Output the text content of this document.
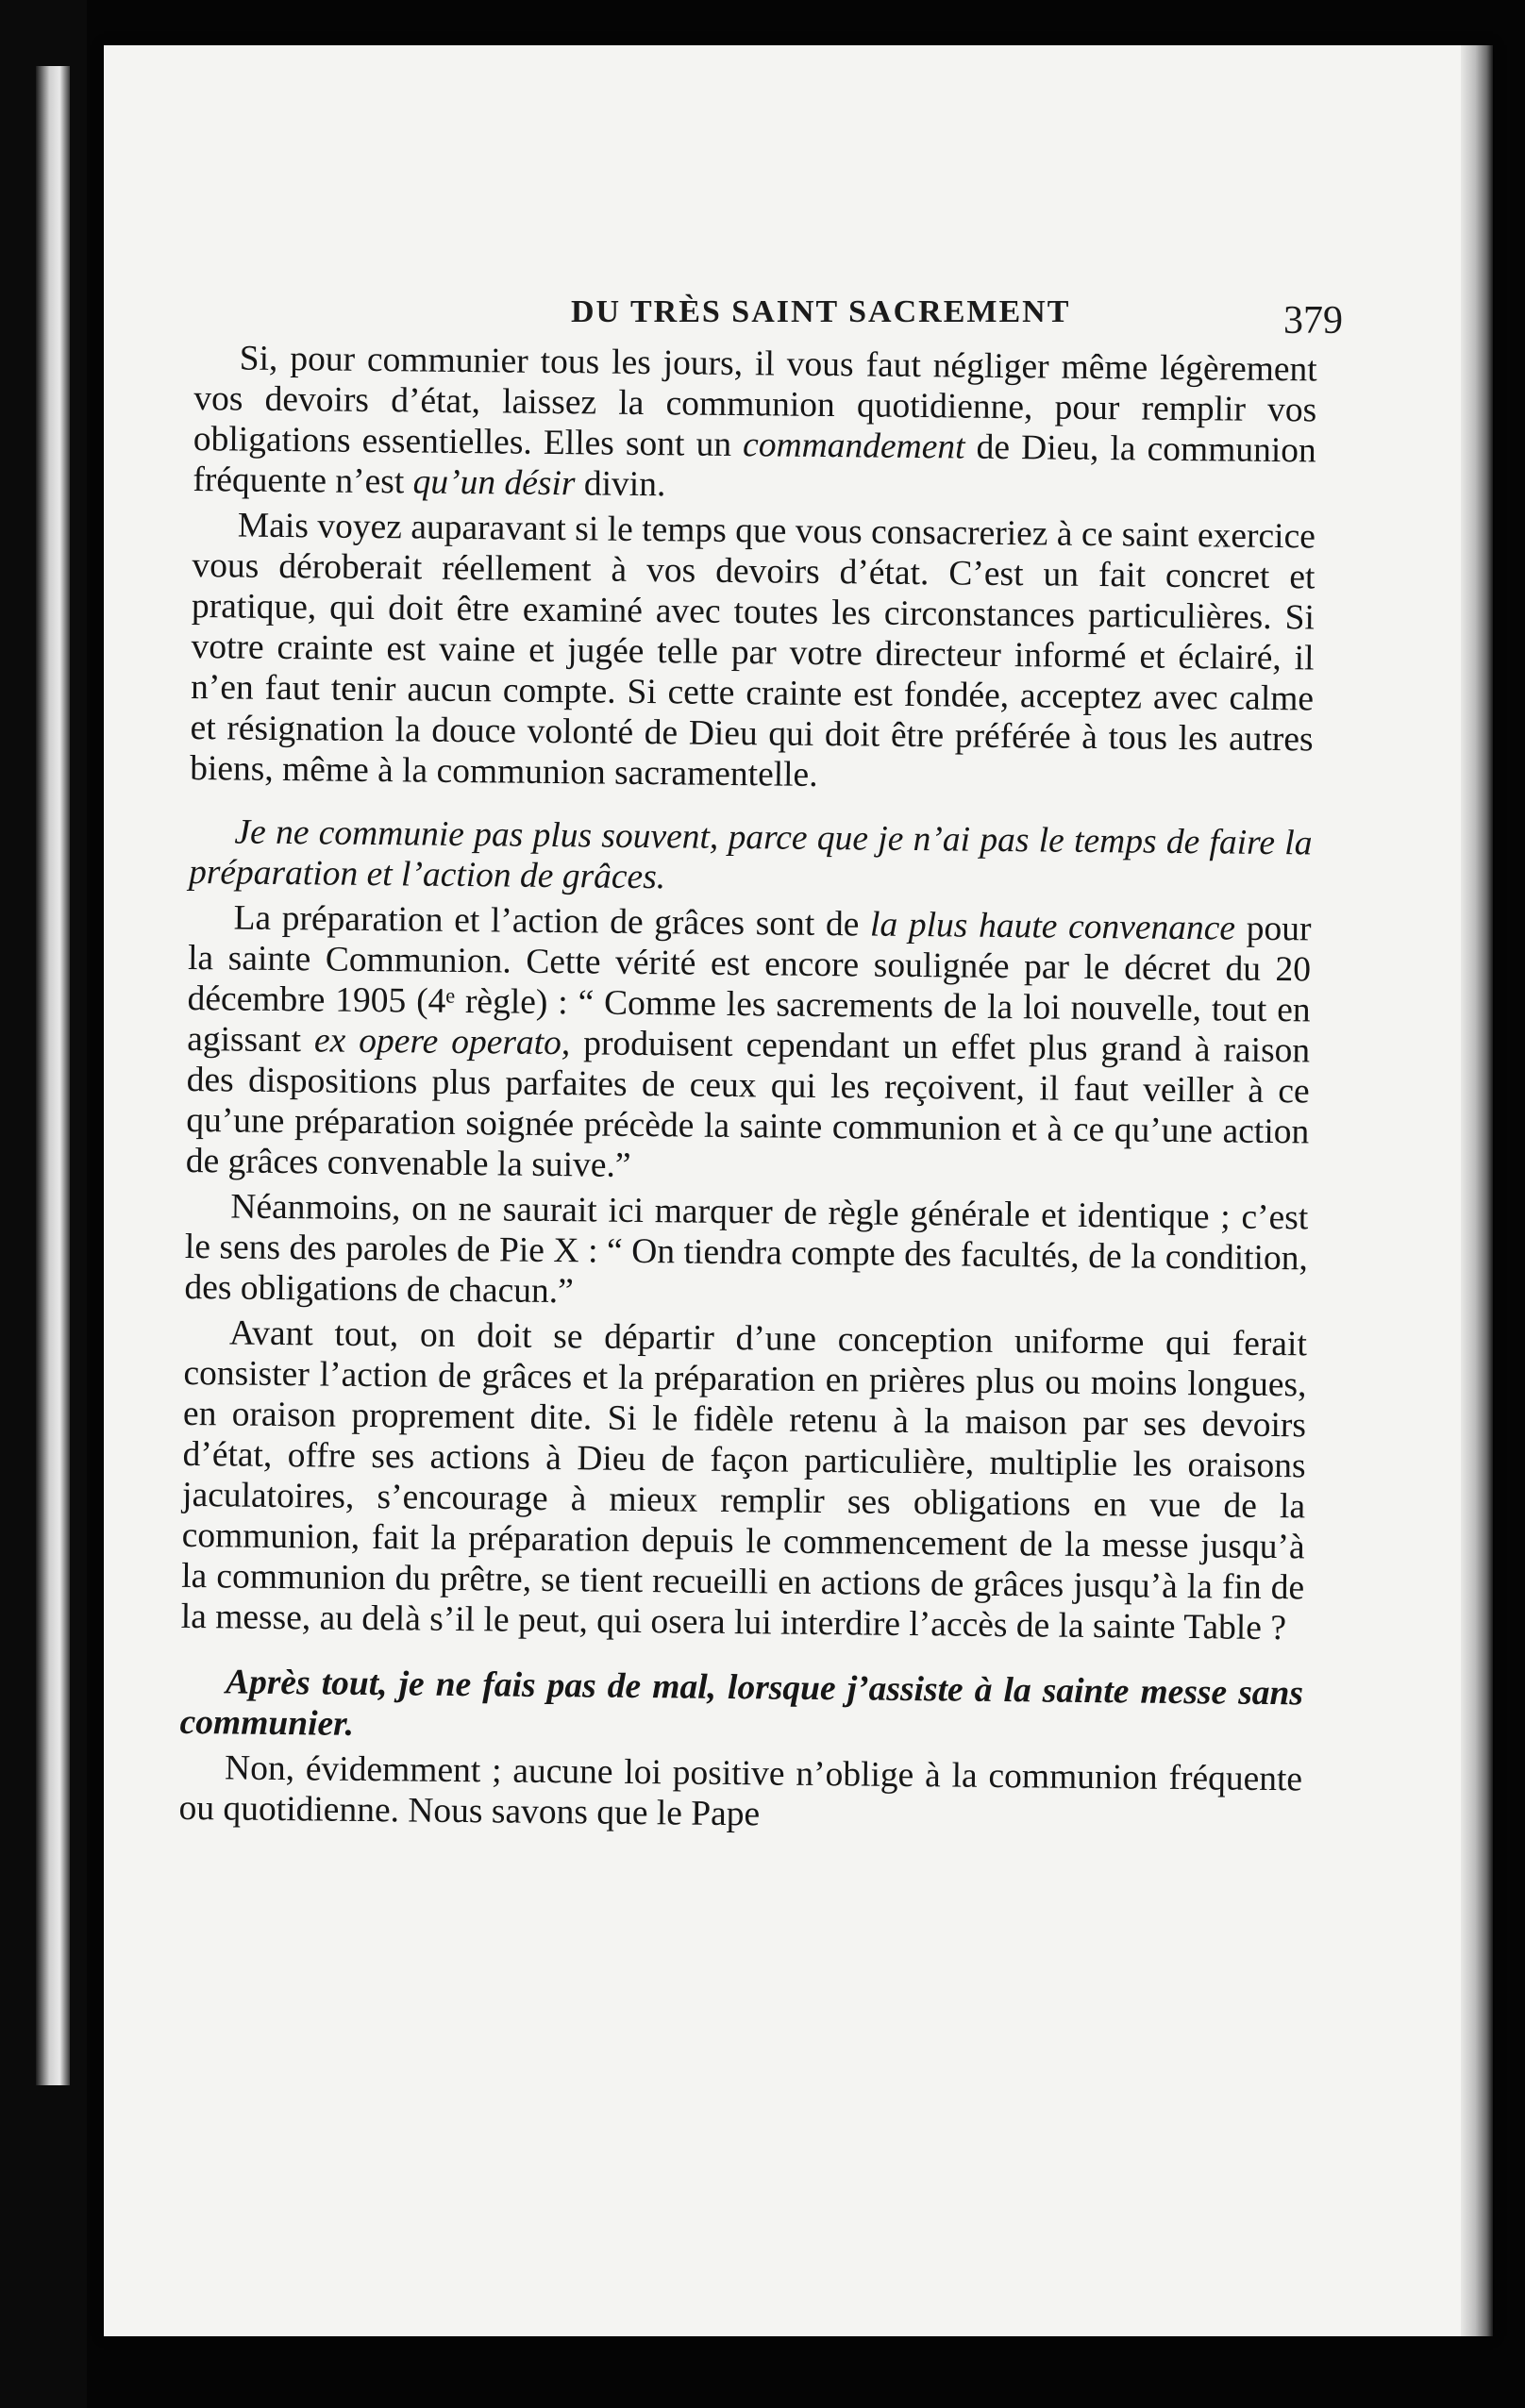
DU TRÈS SAINT SACREMENT	379

Si, pour communier tous les jours, il vous faut négliger même légèrement vos devoirs d’état, laissez la communion quotidienne, pour remplir vos obligations essentielles. Elles sont un commandement de Dieu, la communion fréquente n’est qu’un désir divin.

Mais voyez auparavant si le temps que vous consacreriez à ce saint exercice vous déroberait réellement à vos devoirs d’état. C’est un fait concret et pratique, qui doit être examiné avec toutes les circonstances particulières. Si votre crainte est vaine et jugée telle par votre directeur informé et éclairé, il n’en faut tenir aucun compte. Si cette crainte est fondée, acceptez avec calme et résignation la douce volonté de Dieu qui doit être préférée à tous les autres biens, même à la communion sacramentelle.

Je ne communie pas plus souvent, parce que je n’ai pas le temps de faire la préparation et l’action de grâces.

La préparation et l’action de grâces sont de la plus haute convenance pour la sainte Communion. Cette vérité est encore soulignée par le décret du 20 décembre 1905 (4ᵉ règle) : “ Comme les sacrements de la loi nouvelle, tout en agissant ex opere operato, produisent cependant un effet plus grand à raison des dispositions plus parfaites de ceux qui les reçoivent, il faut veiller à ce qu’une préparation soignée précède la sainte communion et à ce qu’une action de grâces convenable la suive.”

Néanmoins, on ne saurait ici marquer de règle générale et identique ; c’est le sens des paroles de Pie X : “ On tiendra compte des facultés, de la condition, des obligations de chacun.”

Avant tout, on doit se départir d’une conception uniforme qui ferait consister l’action de grâces et la préparation en prières plus ou moins longues, en oraison proprement dite. Si le fidèle retenu à la maison par ses devoirs d’état, offre ses actions à Dieu de façon particulière, multiplie les oraisons jaculatoires, s’encourage à mieux remplir ses obligations en vue de la communion, fait la préparation depuis le commencement de la messe jusqu’à la communion du prêtre, se tient recueilli en actions de grâces jusqu’à la fin de la messe, au delà s’il le peut, qui osera lui interdire l’accès de la sainte Table ?

Après tout, je ne fais pas de mal, lorsque j’assiste à la sainte messe sans communier.

Non, évidemment ; aucune loi positive n’oblige à la communion fréquente ou quotidienne. Nous savons que le Pape
